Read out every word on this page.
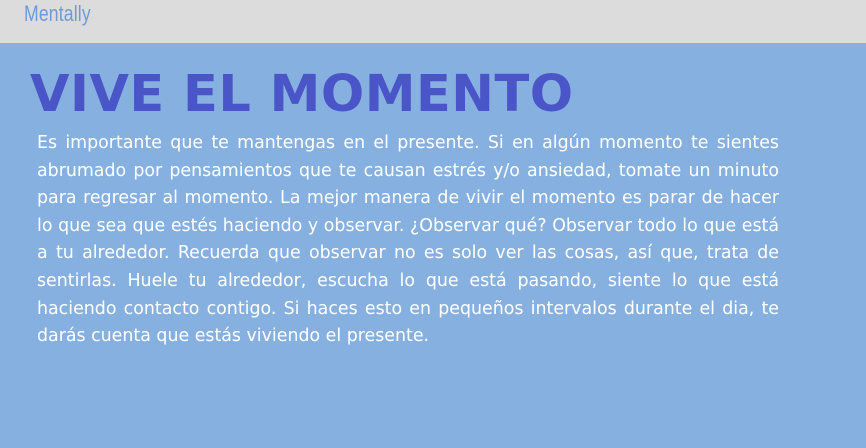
Mentally
VIVE EL MOMENTO

Es importante que te mantengas en el presente. Si en algún momento te sientes abrumado por pensamientos que te causan estrés y/o ansiedad, tomate un minuto para regresar al momento. La mejor manera de vivir el momento es parar de hacer lo que sea que estés haciendo y observar. ¿Observar qué? Observar todo lo que está a tu alrededor. Recuerda que observar no es solo ver las cosas, así que, trata de sentirlas. Huele tu alrededor, escucha lo que está pasando, siente lo que está haciendo contacto contigo. Si haces esto en pequeños intervalos durante el dia, te darás cuenta que estás viviendo el presente.
